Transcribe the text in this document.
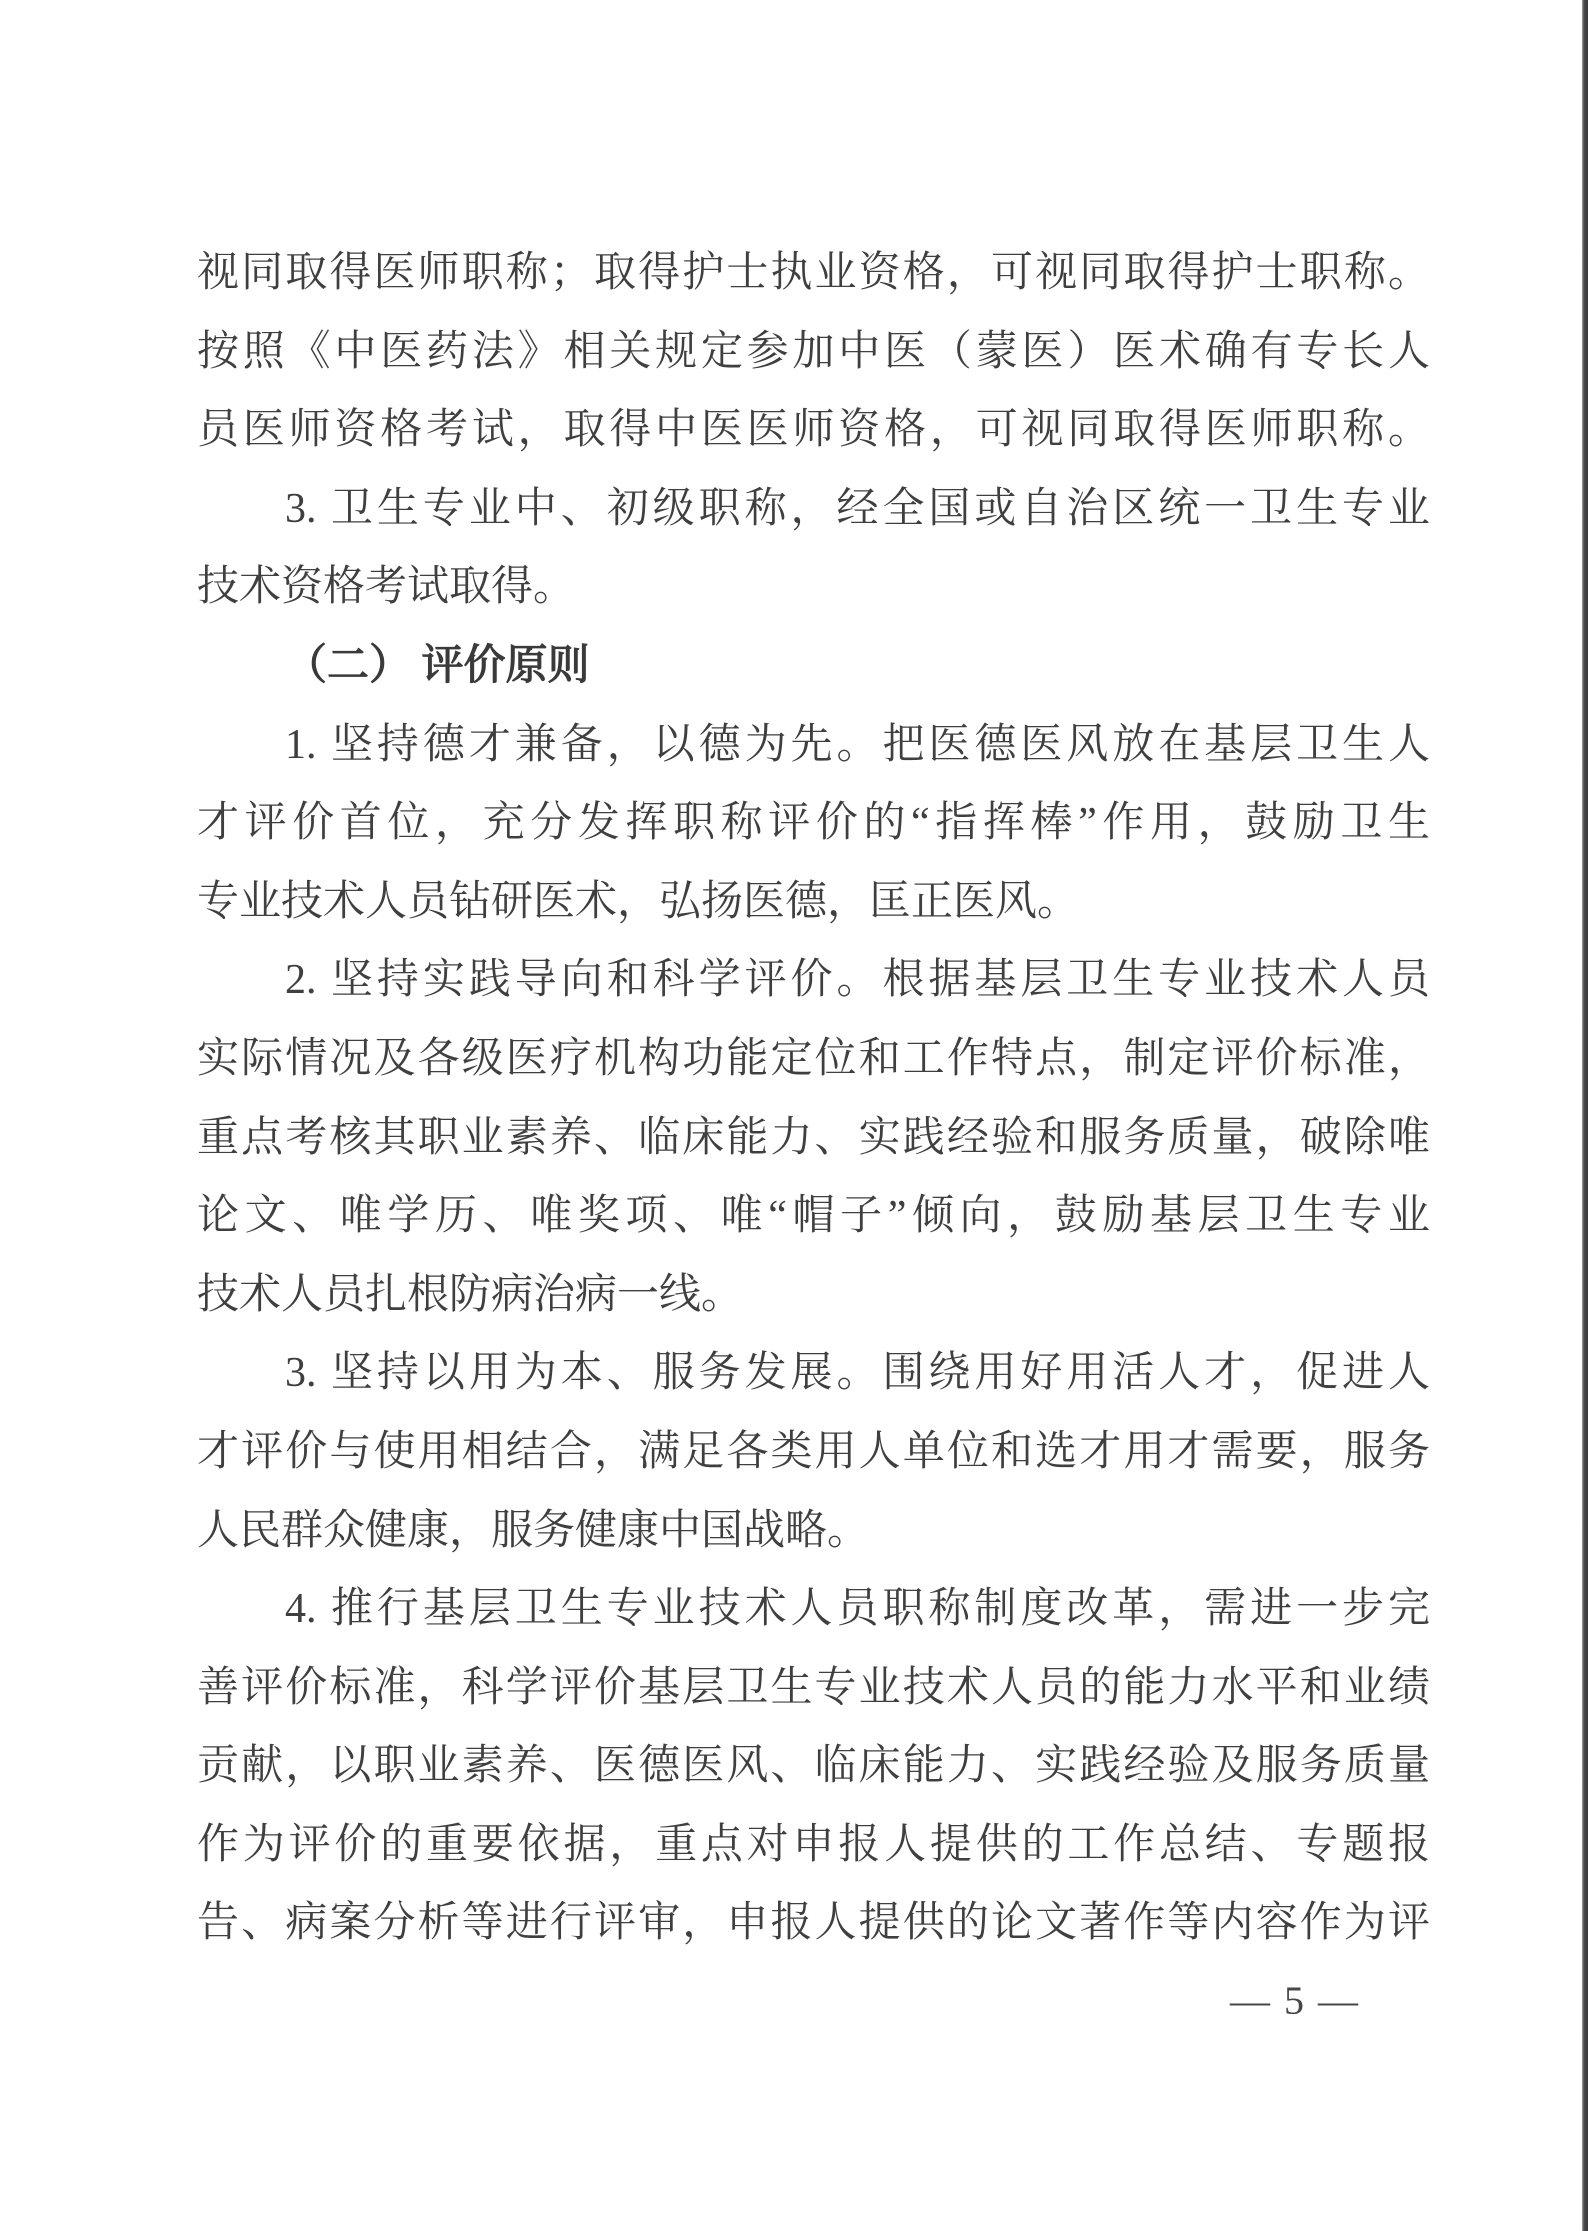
视同取得医师职称；取得护士执业资格，可视同取得护士职称。
按照《中医药法》相关规定参加中医（蒙医）医术确有专长人
员医师资格考试，取得中医医师资格，可视同取得医师职称。
3. 卫生专业中、初级职称，经全国或自治区统一卫生专业
技术资格考试取得。
（二） 评价原则
1. 坚持德才兼备，以德为先。把医德医风放在基层卫生人
才评价首位，充分发挥职称评价的“指挥棒”作用，鼓励卫生
专业技术人员钻研医术，弘扬医德，匡正医风。
2. 坚持实践导向和科学评价。根据基层卫生专业技术人员
实际情况及各级医疗机构功能定位和工作特点，制定评价标准，
重点考核其职业素养、临床能力、实践经验和服务质量，破除唯
论文、唯学历、唯奖项、唯“帽子”倾向，鼓励基层卫生专业
技术人员扎根防病治病一线。
3. 坚持以用为本、服务发展。围绕用好用活人才，促进人
才评价与使用相结合，满足各类用人单位和选才用才需要，服务
人民群众健康，服务健康中国战略。
4. 推行基层卫生专业技术人员职称制度改革，需进一步完
善评价标准，科学评价基层卫生专业技术人员的能力水平和业绩
贡献，以职业素养、医德医风、临床能力、实践经验及服务质量
作为评价的重要依据，重点对申报人提供的工作总结、专题报
告、病案分析等进行评审，申报人提供的论文著作等内容作为评
— 5 —
